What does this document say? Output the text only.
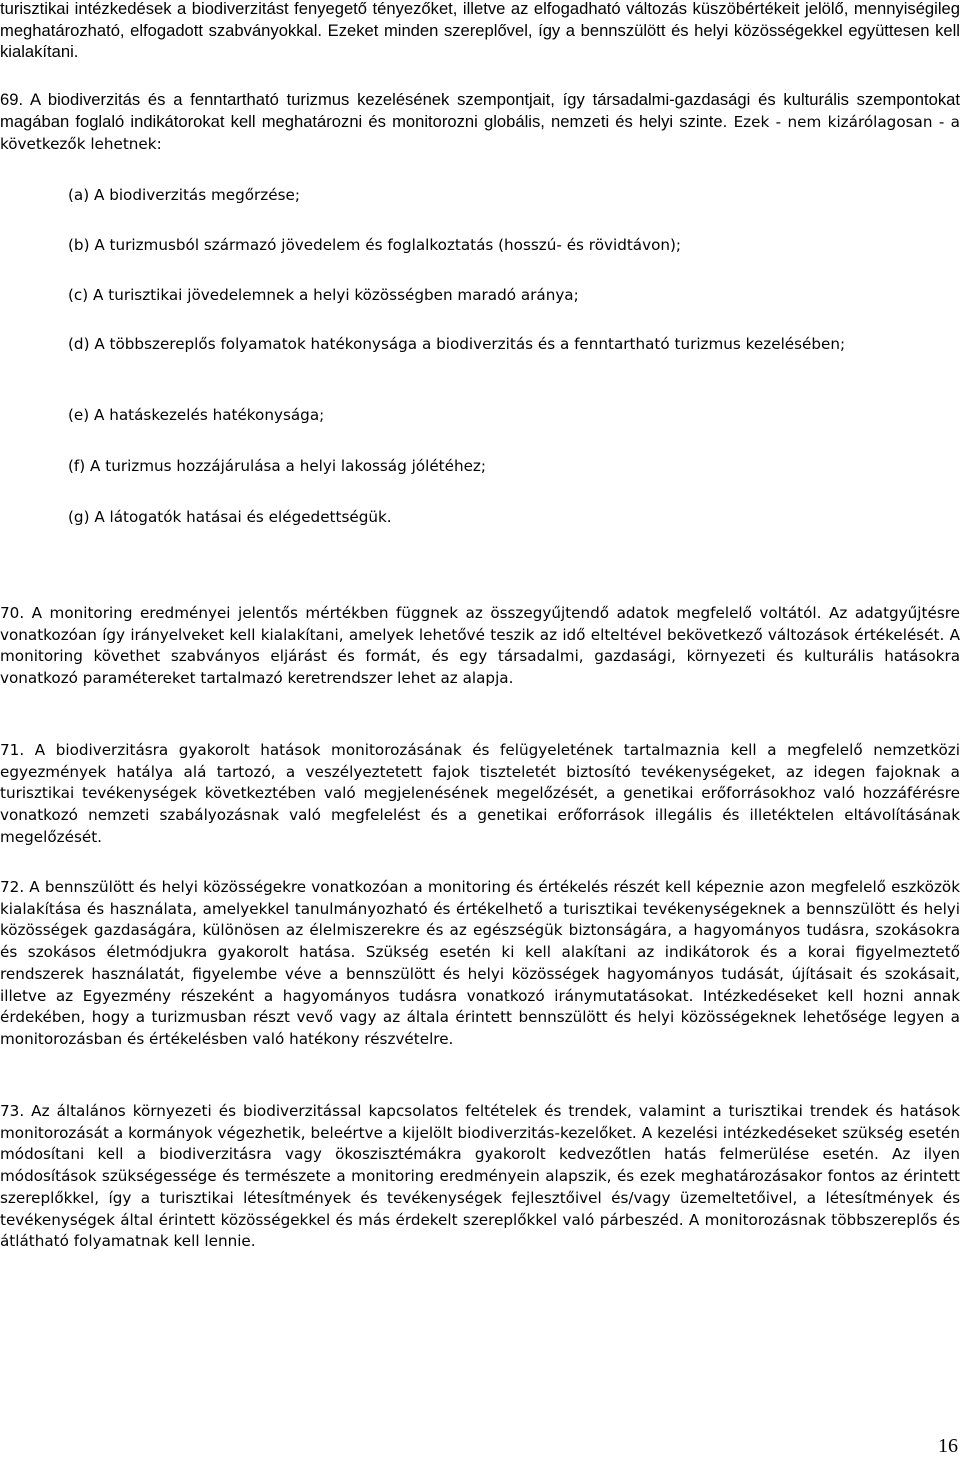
turisztikai intézkedések a biodiverzitást fenyegető tényezőket, illetve az elfogadható változás küszöbértékeit jelölő, mennyiségileg meghatározható, elfogadott szabványokkal. Ezeket minden szereplővel, így a bennszülött és helyi közösségekkel együttesen kell kialakítani.

69. A biodiverzitás és a fenntartható turizmus kezelésének szempontjait, így társadalmi-gazdasági és kulturális szempontokat magában foglaló indikátorokat kell meghatározni és monitorozni globális, nemzeti és helyi szinte. Ezek - nem kizárólagosan - a következők lehetnek:

(a) A biodiverzitás megőrzése;

(b) A turizmusból származó jövedelem és foglalkoztatás (hosszú- és rövidtávon);

(c) A turisztikai jövedelemnek a helyi közösségben maradó aránya;

(d) A többszereplős folyamatok hatékonysága a biodiverzitás és a fenntartható turizmus kezelésében;

(e) A hatáskezelés hatékonysága;

(f) A turizmus hozzájárulása a helyi lakosság jólétéhez;

(g) A látogatók hatásai és elégedettségük.

70. A monitoring eredményei jelentős mértékben függnek az összegyűjtendő adatok megfelelő voltától. Az adatgyűjtésre vonatkozóan így irányelveket kell kialakítani, amelyek lehetővé teszik az idő elteltével bekövetkező változások értékelését. A monitoring követhet szabványos eljárást és formát, és egy társadalmi, gazdasági, környezeti és kulturális hatásokra vonatkozó paramétereket tartalmazó keretrendszer lehet az alapja.

71. A biodiverzitásra gyakorolt hatások monitorozásának és felügyeletének tartalmaznia kell a megfelelő nemzetközi egyezmények hatálya alá tartozó, a veszélyeztetett fajok tiszteletét biztosító tevékenységeket, az idegen fajoknak a turisztikai tevékenységek következtében való megjelenésének megelőzését, a genetikai erőforrásokhoz való hozzáférésre vonatkozó nemzeti szabályozásnak való megfelelést és a genetikai erőforrások illegális és illetéktelen eltávolításának megelőzését.

72. A bennszülött és helyi közösségekre vonatkozóan a monitoring és értékelés részét kell képeznie azon megfelelő eszközök kialakítása és használata, amelyekkel tanulmányozható és értékelhető a turisztikai tevékenységeknek a bennszülött és helyi közösségek gazdaságára, különösen az élelmiszerekre és az egészségük biztonságára, a hagyományos tudásra, szokásokra és szokásos életmódjukra gyakorolt hatása. Szükség esetén ki kell alakítani az indikátorok és a korai figyelmeztető rendszerek használatát, figyelembe véve a bennszülött és helyi közösségek hagyományos tudását, újításait és szokásait, illetve az Egyezmény részeként a hagyományos tudásra vonatkozó iránymutatásokat. Intézkedéseket kell hozni annak érdekében, hogy a turizmusban részt vevő vagy az általa érintett bennszülött és helyi közösségeknek lehetősége legyen a monitorozásban és értékelésben való hatékony részvételre.

73. Az általános környezeti és biodiverzitással kapcsolatos feltételek és trendek, valamint a turisztikai trendek és hatások monitorozását a kormányok végezhetik, beleértve a kijelölt biodiverzitás-kezelőket. A kezelési intézkedéseket szükség esetén módosítani kell a biodiverzitásra vagy ökoszisztémákra gyakorolt kedvezőtlen hatás felmerülése esetén. Az ilyen módosítások szükségessége és természete a monitoring eredményein alapszik, és ezek meghatározásakor fontos az érintett szereplőkkel, így a turisztikai létesítmények és tevékenységek fejlesztőivel és/vagy üzemeltetőivel, a létesítmények és tevékenységek által érintett közösségekkel és más érdekelt szereplőkkel való párbeszéd. A monitorozásnak többszereplős és átlátható folyamatnak kell lennie.

16
